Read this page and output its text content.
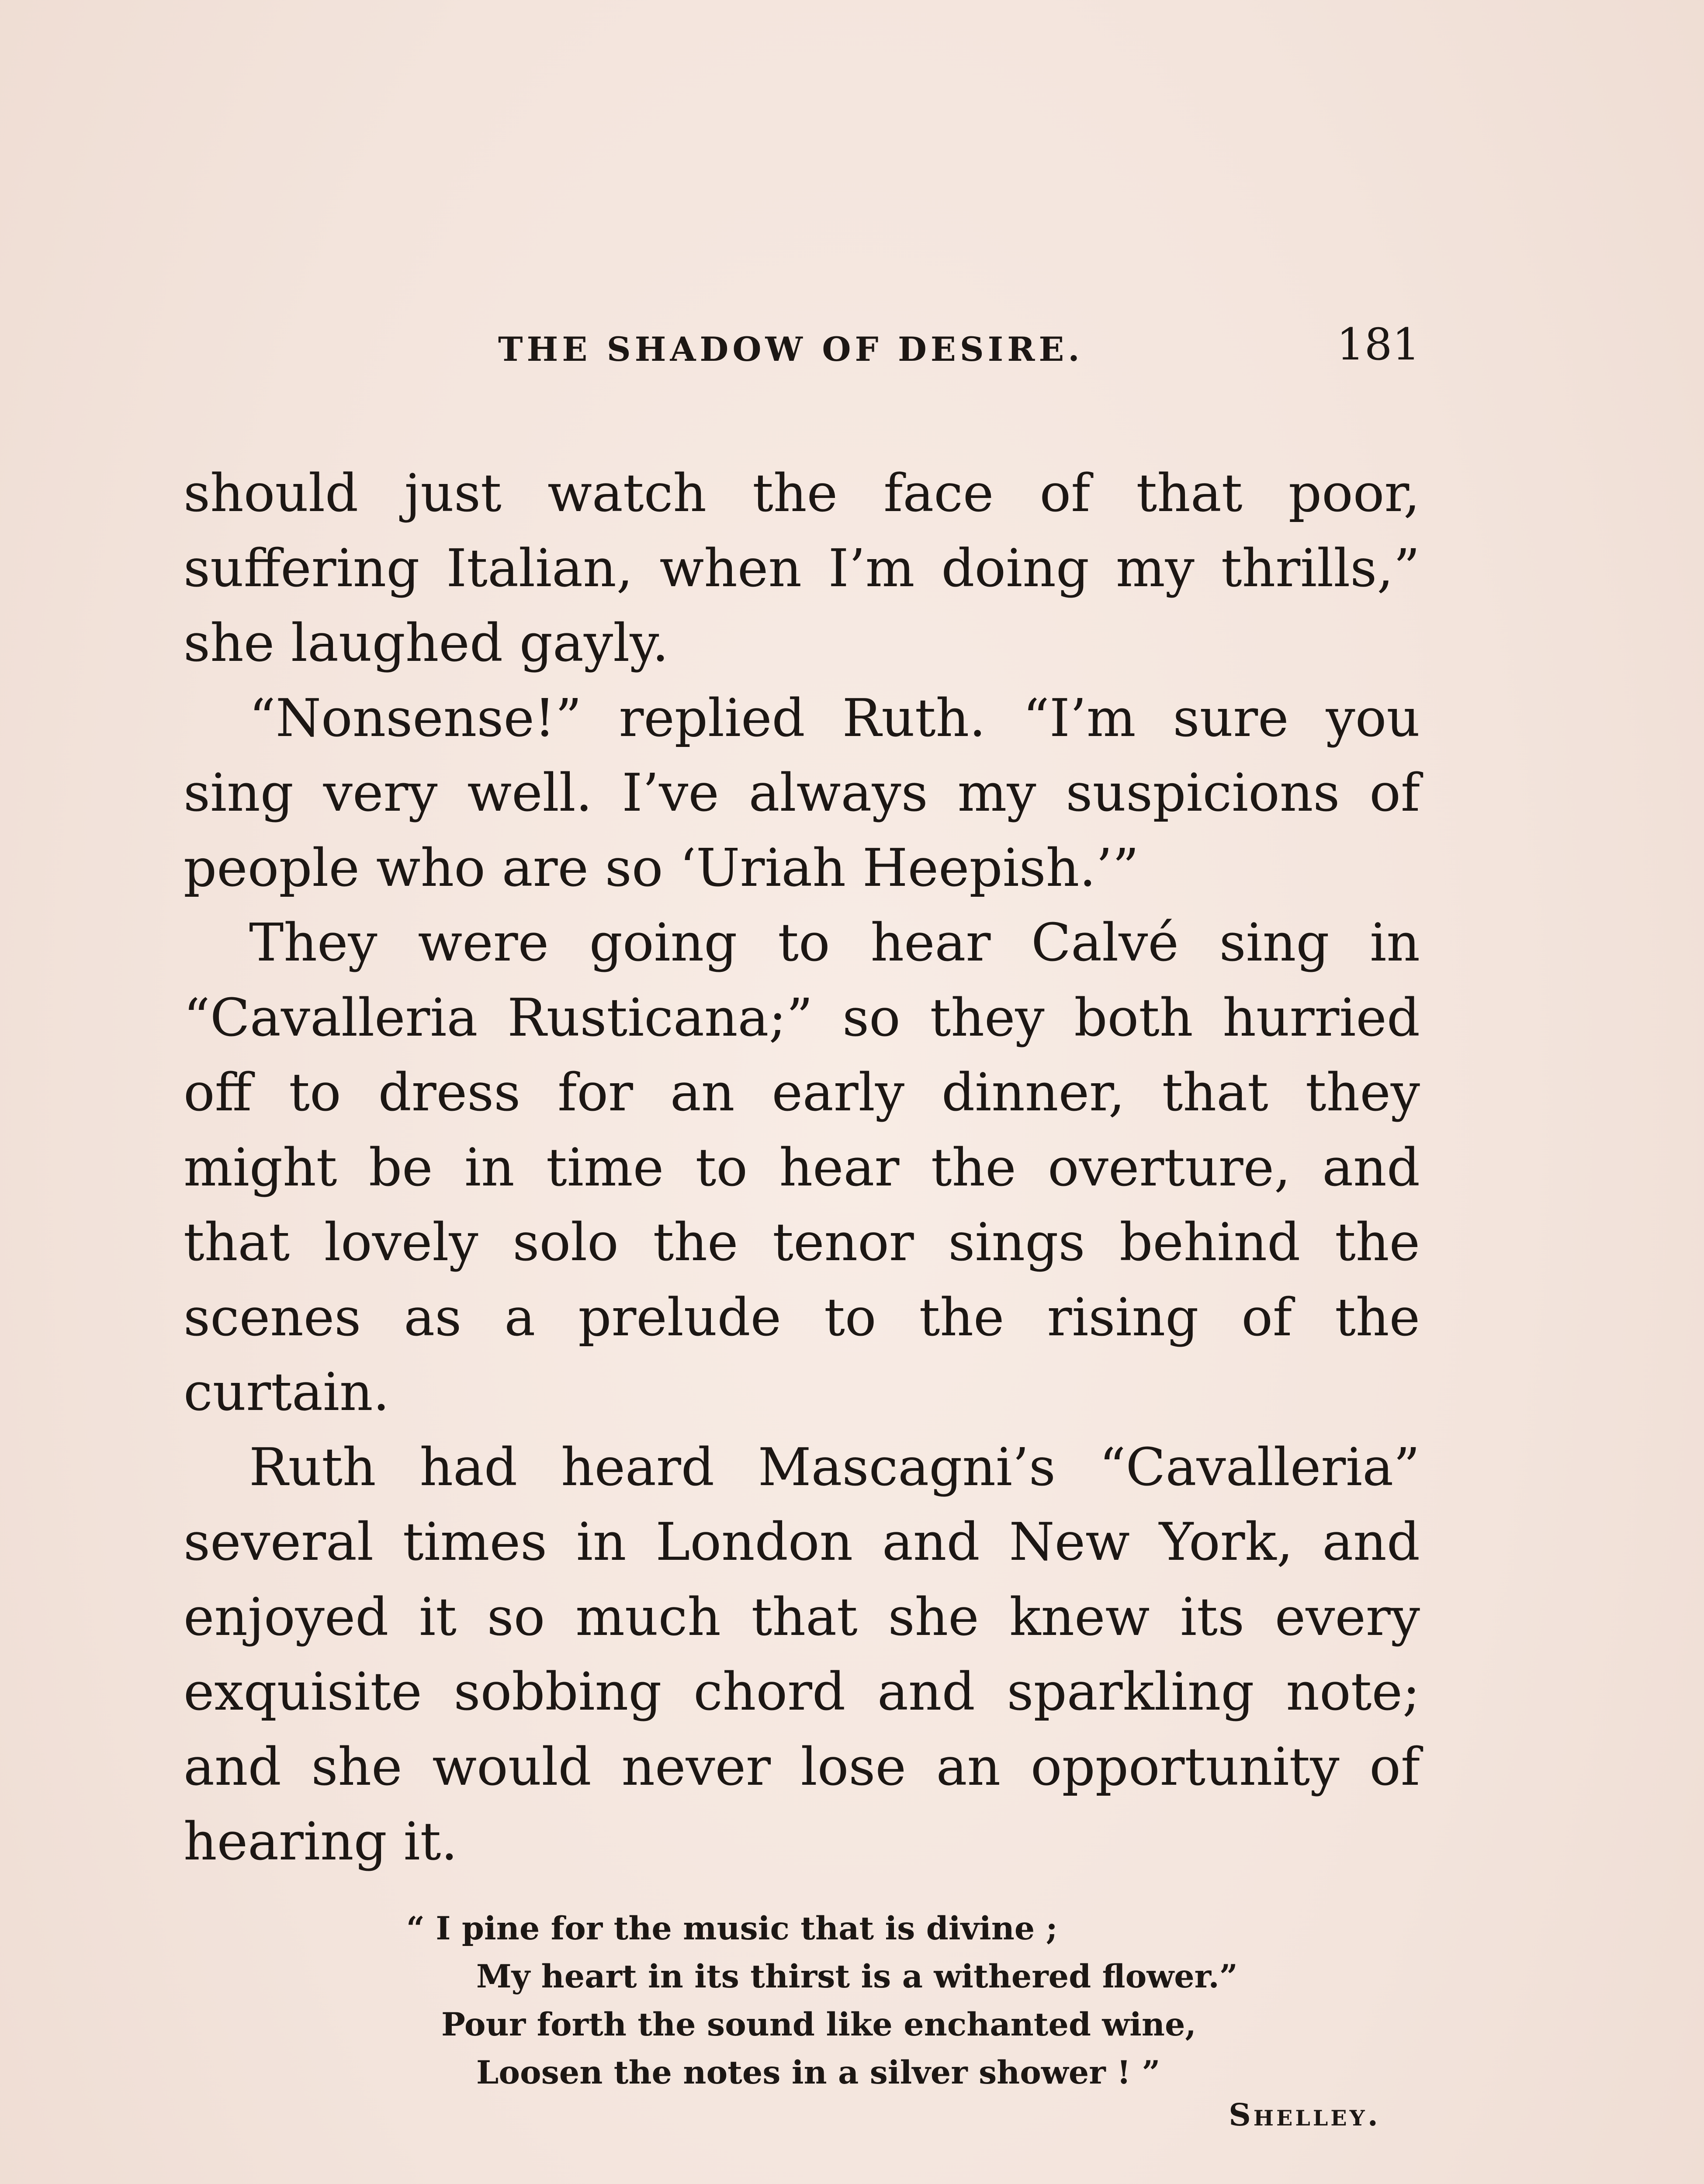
THE SHADOW OF DESIRE.	181

should just watch the face of that poor, suffering Italian, when I’m doing my thrills,” she laughed gayly.

“Nonsense!” replied Ruth. “I’m sure you sing very well. I’ve always my suspicions of people who are so ‘Uriah Heepish.’”

They were going to hear Calvé sing in “Cavalleria Rusticana;” so they both hurried off to dress for an early dinner, that they might be in time to hear the overture, and that lovely solo the tenor sings behind the scenes as a prelude to the rising of the curtain.

Ruth had heard Mascagni’s “Cavalleria” several times in London and New York, and enjoyed it so much that she knew its every exquisite sobbing chord and sparkling note; and she would never lose an opportunity of hearing it.

“ I pine for the music that is divine ;
My heart in its thirst is a withered flower.”
Pour forth the sound like enchanted wine,
Loosen the notes in a silver shower ! ”
Shelley.
